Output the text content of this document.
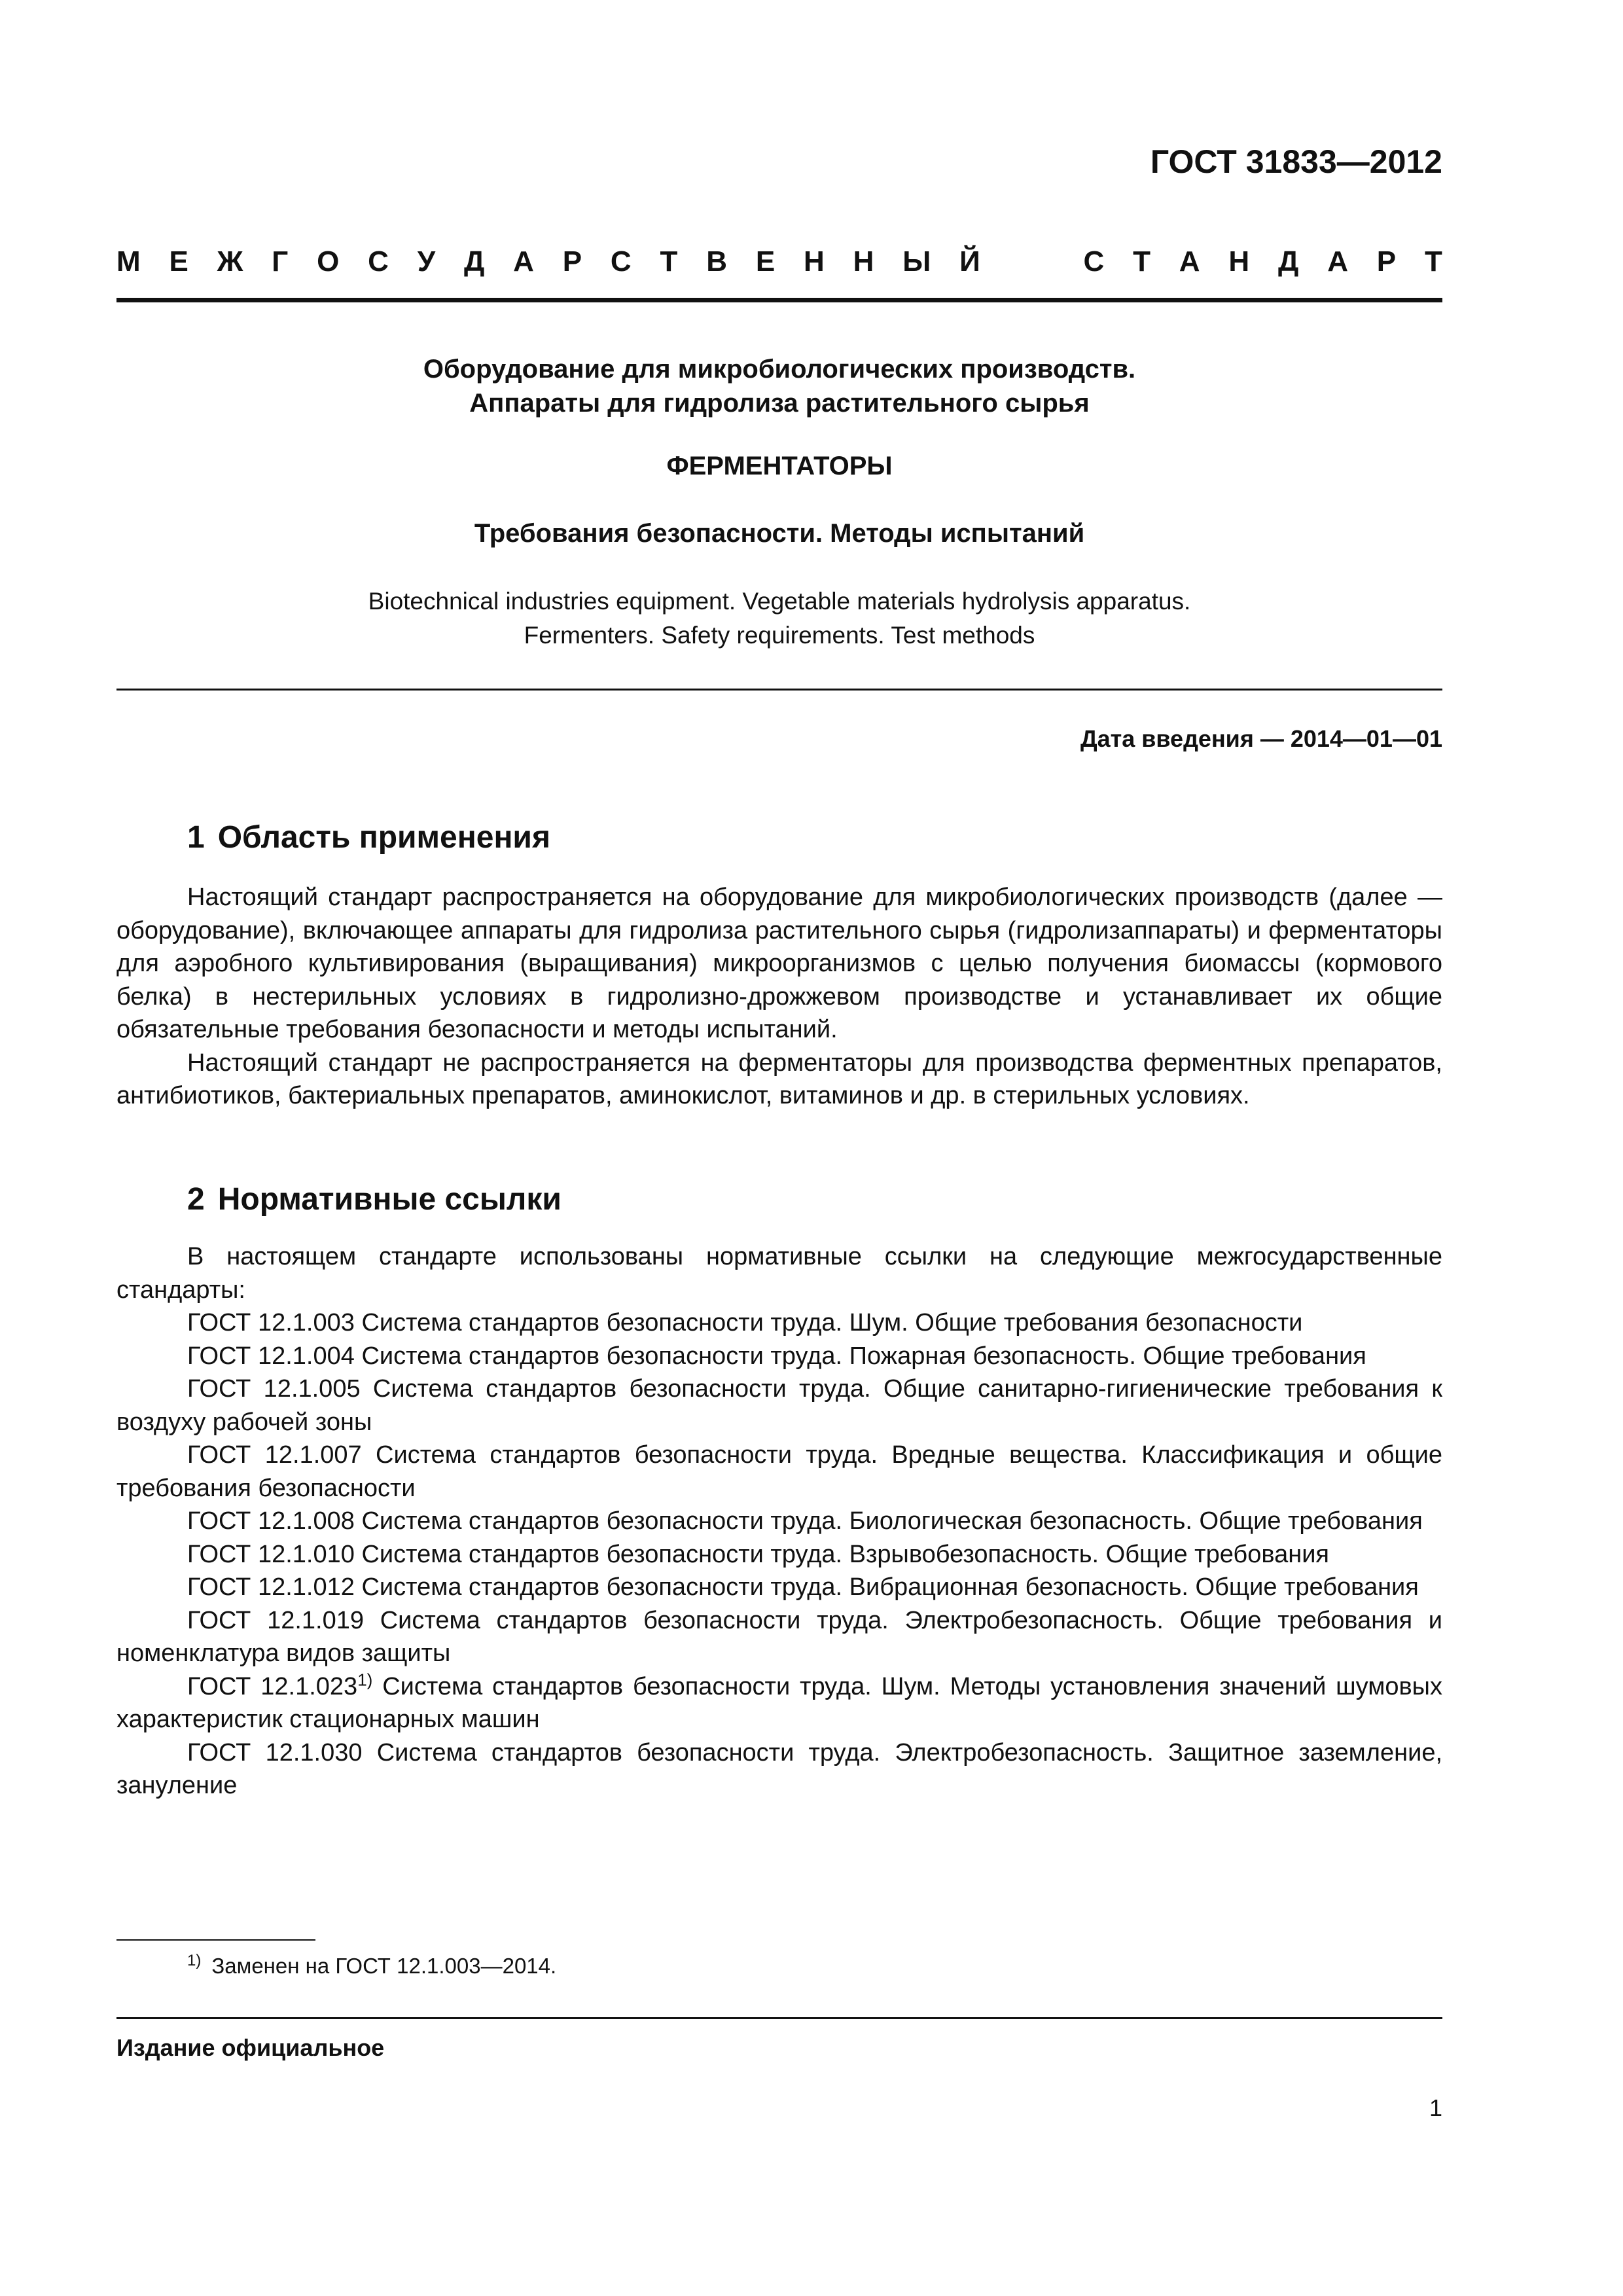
ГОСТ 31833—2012
М Е Ж Г О С У Д А Р С Т В Е Н Н Ы Й	С Т А Н Д А Р Т
Оборудование для микробиологических производств.
Аппараты для гидролиза растительного сырья
ФЕРМЕНТАТОРЫ
Требования безопасности. Методы испытаний
Biotechnical industries equipment. Vegetable materials hydrolysis apparatus.
Fermenters. Safety requirements. Test methods
Дата введения — 2014—01—01
1 Область применения

Настоящий стандарт распространяется на оборудование для микробиологических производств (далее — оборудование), включающее аппараты для гидролиза растительного сырья (гидролизаппараты) и ферментаторы для аэробного культивирования (выращивания) микроорганизмов с целью получения биомассы (кормового белка) в нестерильных условиях в гидролизно-дрожжевом производстве и устанавливает их общие обязательные требования безопасности и методы испытаний.

Настоящий стандарт не распространяется на ферментаторы для производства ферментных препаратов, антибиотиков, бактериальных препаратов, аминокислот, витаминов и др. в стерильных условиях.

2 Нормативные ссылки

В настоящем стандарте использованы нормативные ссылки на следующие межгосударственные стандарты:

ГОСТ 12.1.003 Система стандартов безопасности труда. Шум. Общие требования безопасности
ГОСТ 12.1.004 Система стандартов безопасности труда. Пожарная безопасность. Общие требования
ГОСТ 12.1.005 Система стандартов безопасности труда. Общие санитарно-гигиенические требования к воздуху рабочей зоны
ГОСТ 12.1.007 Система стандартов безопасности труда. Вредные вещества. Классификация и общие требования безопасности
ГОСТ 12.1.008 Система стандартов безопасности труда. Биологическая безопасность. Общие требования
ГОСТ 12.1.010 Система стандартов безопасности труда. Взрывобезопасность. Общие требования
ГОСТ 12.1.012 Система стандартов безопасности труда. Вибрационная безопасность. Общие требования
ГОСТ 12.1.019 Система стандартов безопасности труда. Электробезопасность. Общие требования и номенклатура видов защиты
ГОСТ 12.1.023$^{1)}$ Система стандартов безопасности труда. Шум. Методы установления значений шумовых характеристик стационарных машин
ГОСТ 12.1.030 Система стандартов безопасности труда. Электробезопасность. Защитное заземление, зануление
$^{1)}$ Заменен на ГОСТ 12.1.003—2014.
Издание официальное
1
